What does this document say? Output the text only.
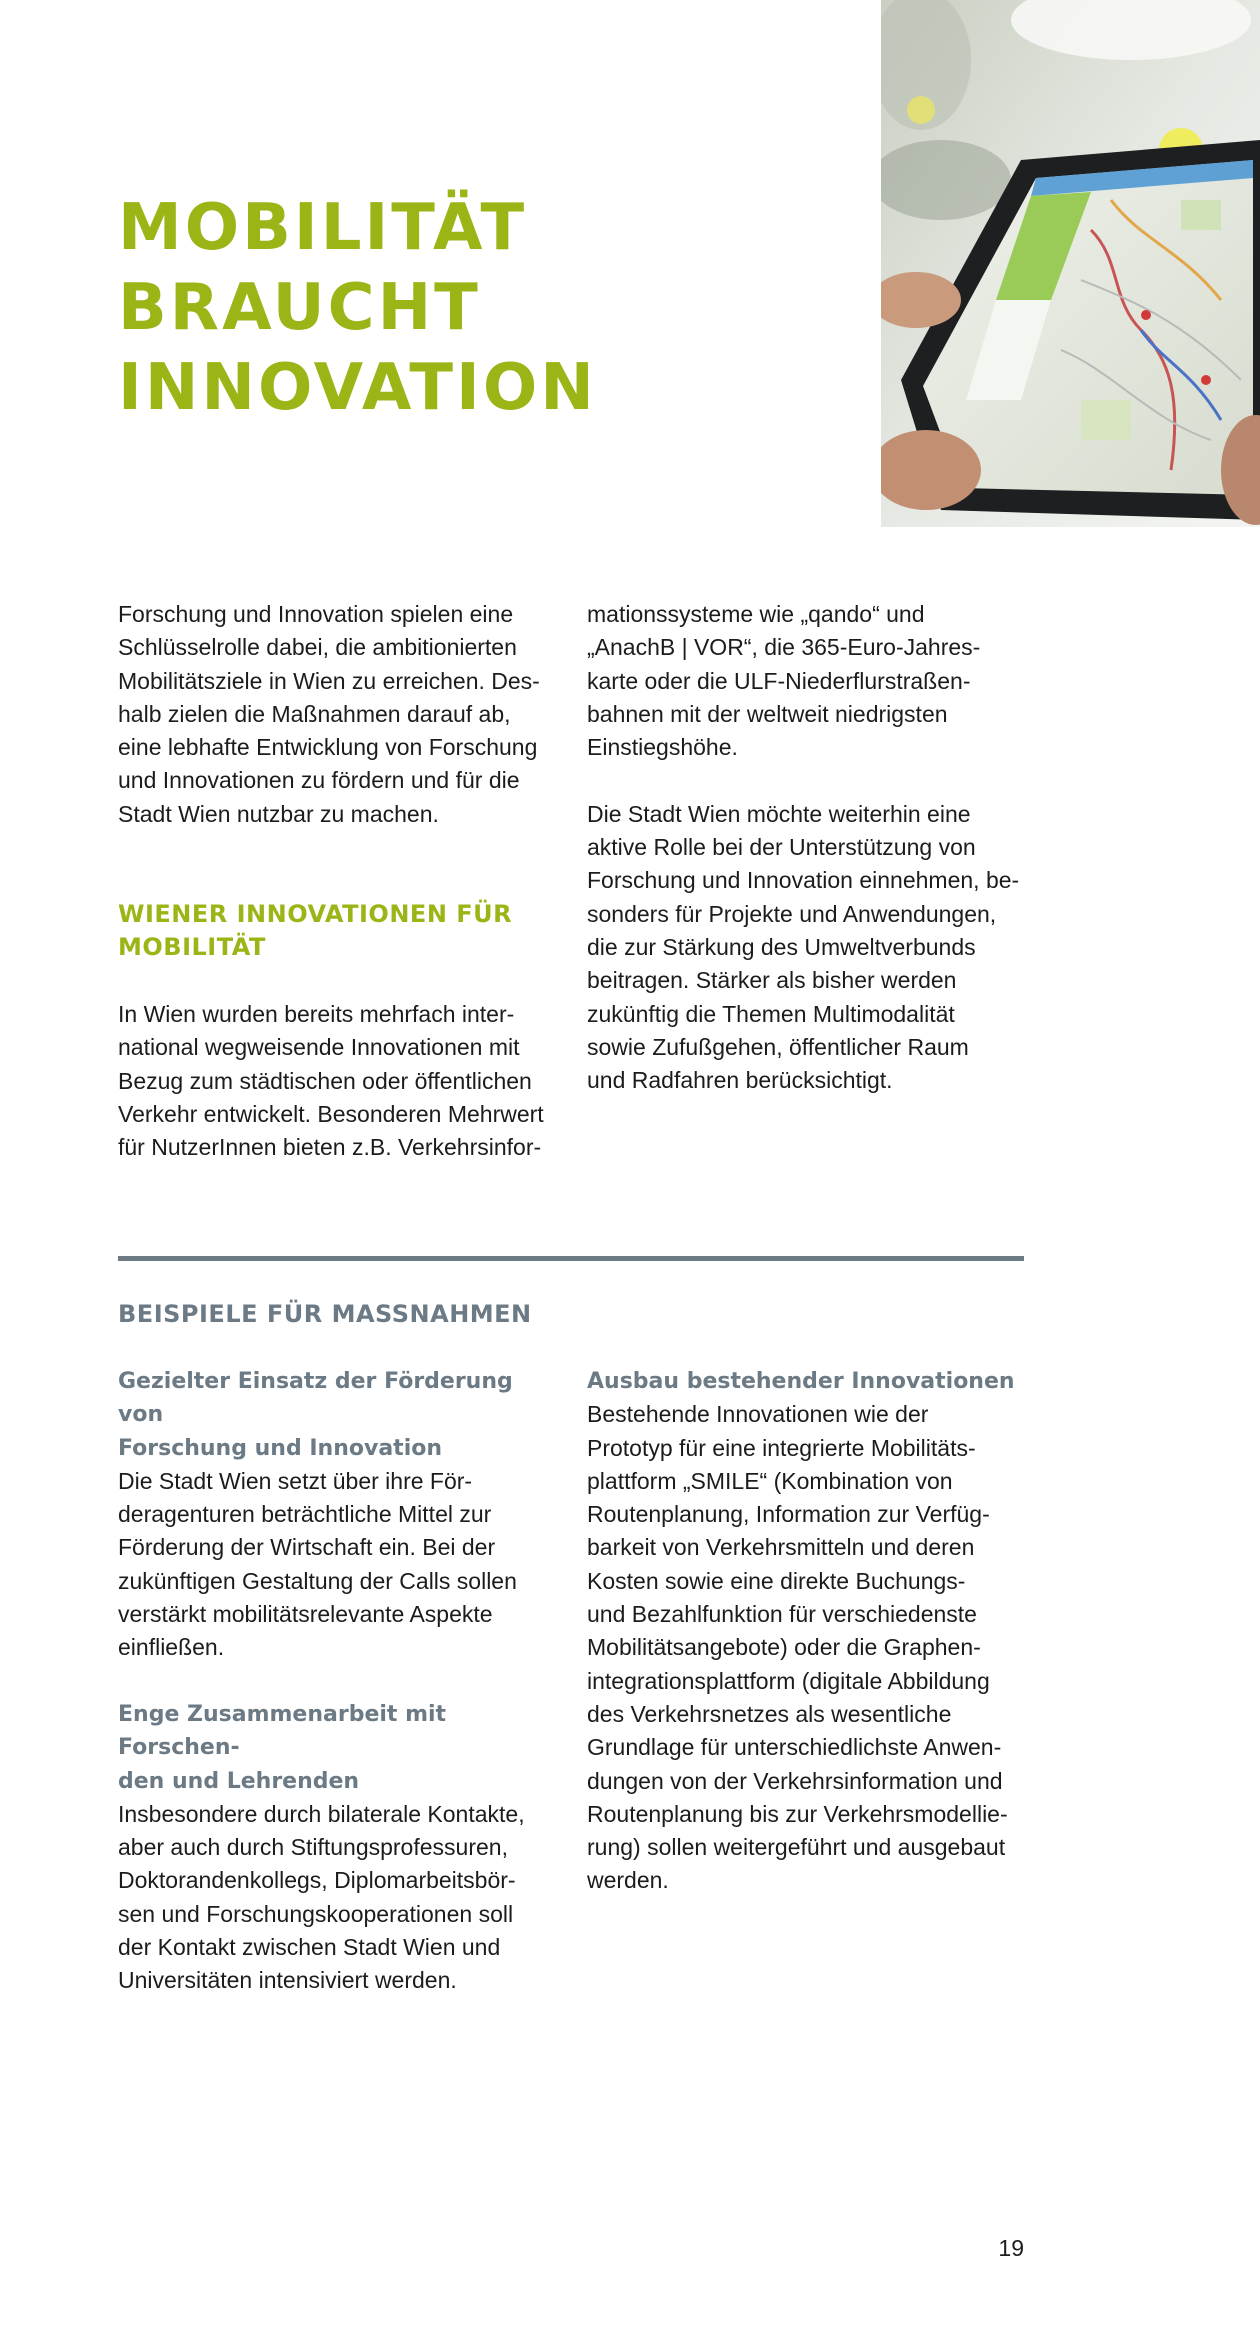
MOBILITÄT
BRAUCHT
INNOVATION

Forschung und Innovation spielen eine

Schlüsselrolle dabei, die ambitionierten

Mobilitätsziele in Wien zu erreichen. Des-

halb zielen die Maßnahmen darauf ab,

eine lebhafte Entwicklung von Forschung

und Innovationen zu fördern und für die

Stadt Wien nutzbar zu machen.

WIENER INNOVATIONEN FÜR
MOBILITÄT

In Wien wurden bereits mehrfach inter-

national wegweisende Innovationen mit

Bezug zum städtischen oder öffentlichen

Verkehr entwickelt. Besonderen Mehrwert

für NutzerInnen bieten z.B. Verkehrsinfor-

mationssysteme wie „qando“ und

„AnachB | VOR“, die 365-Euro-Jahres-

karte oder die ULF-Niederflurstraßen-

bahnen mit der weltweit niedrigsten

Einstiegshöhe.

Die Stadt Wien möchte weiterhin eine

aktive Rolle bei der Unterstützung von

Forschung und Innovation einnehmen, be-

sonders für Projekte und Anwendungen,

die zur Stärkung des Umweltverbunds

beitragen. Stärker als bisher werden

zukünftig die Themen Multimodalität

sowie Zufußgehen, öffentlicher Raum

und Radfahren berücksichtigt.

BEISPIELE FÜR MASSNAHMEN
Gezielter Einsatz der Förderung von
Forschung und Innovation

Die Stadt Wien setzt über ihre För-

deragenturen beträchtliche Mittel zur

Förderung der Wirtschaft ein. Bei der

zukünftigen Gestaltung der Calls sollen

verstärkt mobilitätsrelevante Aspekte

einfließen.

Enge Zusammenarbeit mit Forschen-
den und Lehrenden

Insbesondere durch bilaterale Kontakte,

aber auch durch Stiftungsprofessuren,

Doktorandenkollegs, Diplomarbeitsbör-

sen und Forschungskooperationen soll

der Kontakt zwischen Stadt Wien und

Universitäten intensiviert werden.

Ausbau bestehender Innovationen

Bestehende Innovationen wie der

Prototyp für eine integrierte Mobilitäts-

plattform „SMILE“ (Kombination von

Routenplanung, Information zur Verfüg-

barkeit von Verkehrsmitteln und deren

Kosten sowie eine direkte Buchungs-

und Bezahlfunktion für verschiedenste

Mobilitätsangebote) oder die Graphen-

integrationsplattform (digitale Abbildung

des Verkehrsnetzes als wesentliche

Grundlage für unterschiedlichste Anwen-

dungen von der Verkehrsinformation und

Routenplanung bis zur Verkehrsmodellie-

rung) sollen weitergeführt und ausgebaut

werden.

19
